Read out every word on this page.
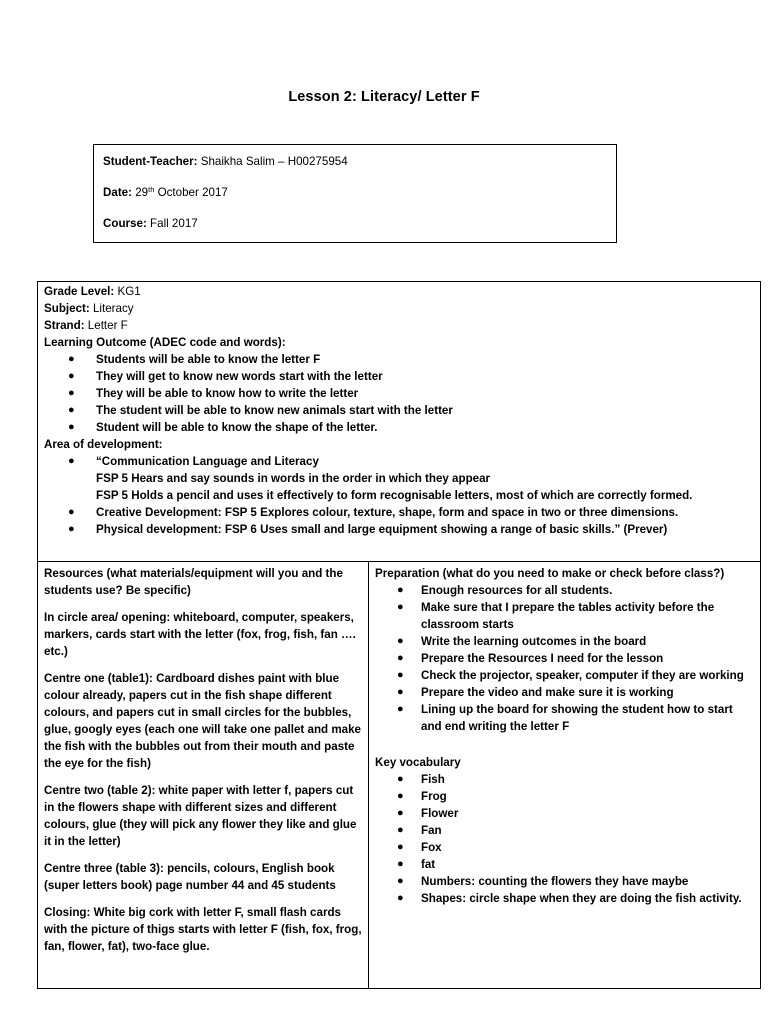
Lesson 2: Literacy/ Letter F
Student-Teacher: Shaikha Salim – H00275954
Date: 29th October 2017
Course: Fall 2017
Grade Level: KG1
Subject: Literacy
Strand: Letter F
Learning Outcome (ADEC code and words):
● Students will be able to know the letter F
● They will get to know new words start with the letter
● They will be able to know how to write the letter
● The student will be able to know new animals start with the letter
● Student will be able to know the shape of the letter.
Area of development:
● “Communication Language and Literacy
FSP 5 Hears and say sounds in words in the order in which they appear
FSP 5 Holds a pencil and uses it effectively to form recognisable letters, most of which are correctly formed.
● Creative Development: FSP 5 Explores colour, texture, shape, form and space in two or three dimensions.
● Physical development: FSP 6 Uses small and large equipment showing a range of basic skills.” (Prever)

Resources (what materials/equipment will you and the students use? Be specific)

In circle area/ opening: whiteboard, computer, speakers, markers, cards start with the letter (fox, frog, fish, fan …. etc.)

Centre one (table1): Cardboard dishes paint with blue colour already, papers cut in the fish shape different colours, and papers cut in small circles for the bubbles, glue, googly eyes (each one will take one pallet and make the fish with the bubbles out from their mouth and paste the eye for the fish)

Centre two (table 2): white paper with letter f, papers cut in the flowers shape with different sizes and different colours, glue (they will pick any flower they like and glue it in the letter)

Centre three (table 3): pencils, colours, English book (super letters book) page number 44 and 45 students

Closing: White big cork with letter F, small flash cards with the picture of thigs starts with letter F (fish, fox, frog, fan, flower, fat), two-face glue.

Preparation (what do you need to make or check before class?)

● Enough resources for all students.
● Make sure that I prepare the tables activity before the classroom starts
● Write the learning outcomes in the board
● Prepare the Resources I need for the lesson
● Check the projector, speaker, computer if they are working
● Prepare the video and make sure it is working
● Lining up the board for showing the student how to start and end writing the letter F

Key vocabulary

● Fish
● Frog
● Flower
● Fan
● Fox
● fat
● Numbers: counting the flowers they have maybe
● Shapes: circle shape when they are doing the fish activity.
